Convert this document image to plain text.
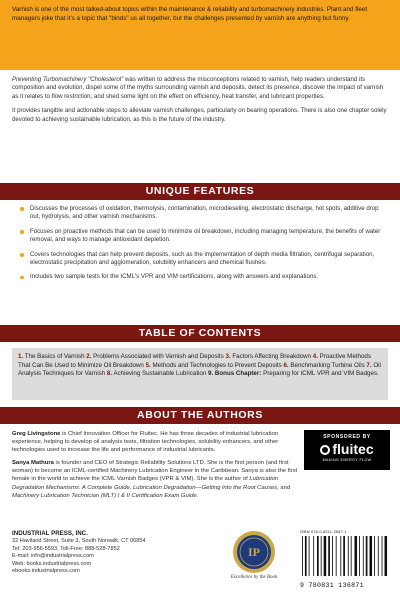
Varnish is one of the most talked-about topics within the maintenance & reliability and turbomachinery industries. Plant and fleet managers joke that it's a topic that "binds" us all together, but the challenges presented by varnish are anything but funny.

Preventing Turbomachinery "Cholesterol" was written to address the misconceptions related to varnish, help readers understand its composition and evolution, dispel some of the myths surrounding varnish and deposits, detect its presence, discover the impact of varnish as it relates to flow restriction, and shed some light on the effect on efficiency, heat transfer, and lubricant properties.

It provides tangible and actionable steps to alleviate varnish challenges, particularly on bearing operations. There is also one chapter solely devoted to achieving sustainable lubrication, as this is the future of the industry.

UNIQUE FEATURES
Discusses the processes of oxidation, thermolysis, contamination, microdieseling, electrostatic discharge, hot spots, additive drop out, hydrolysis, and other varnish mechanisms.
Focuses on proactive methods that can be used to minimize oil breakdown, including managing temperature, the benefits of water removal, and ways to manage antioxidant depletion.
Covers technologies that can help prevent deposits, such as the implementation of depth media filtration, centrifugal separation, electrostatic precipitation and agglomeration, solubility enhancers and chemical flushes.
Includes two sample tests for the ICML's VPR and VIM certifications, along with answers and explanations.
TABLE OF CONTENTS
1. The Basics of Varnish 2. Problems Associated with Varnish and Deposits 3. Factors Affecting Breakdown 4. Proactive Methods That Can Be Used to Minimize Oil Breakdown 5. Methods and Technologies to Prevent Deposits 6. Benchmarking Turbine Oils 7. Oil Analysis Techniques for Varnish 8. Achieving Sustainable Lubrication 9. Bonus Chapter: Preparing for ICML VPR and VIM Badges.
ABOUT THE AUTHORS

Greg Livingstone is Chief Innovation Officer for Fluitec. He has three decades of industrial lubrication experience, helping to develop oil analysis tests, filtration technologies, solubility enhancers, and other technologies used to increase the life and performance of industrial lubricants.

Sanya Mathura is founder and CEO of Strategic Reliability Solutions LTD. She is the first person (and first woman) to become an ICML-certified Machinery Lubrication Engineer in the Caribbean. Sanya is also the first female in the world to achieve the ICML Varnish Badges (VPR & VIM). She is the author of Lubrication Degradation Mechanisms: A Complete Guide, Lubrication Degradation—Getting into the Root Causes, and Machinery Lubrication Technician (MLT) I & II Certification Exam Guide.

SPONSORED BY
fluitec
MAKING ENERGY FLOW
INDUSTRIAL PRESS, INC.
32 Haviland Street, Suite 3, South Norwalk, CT 06854
Tel: 203-956-5593, Toll-Free: 888-528-7852
E-mail: info@industrialpress.com
Web: books.industrialpress.com
ebooks.industrialpress.com
IP
Excellence by the Book
ISBN 978-0-8311-3687-1
9 780831 136871
